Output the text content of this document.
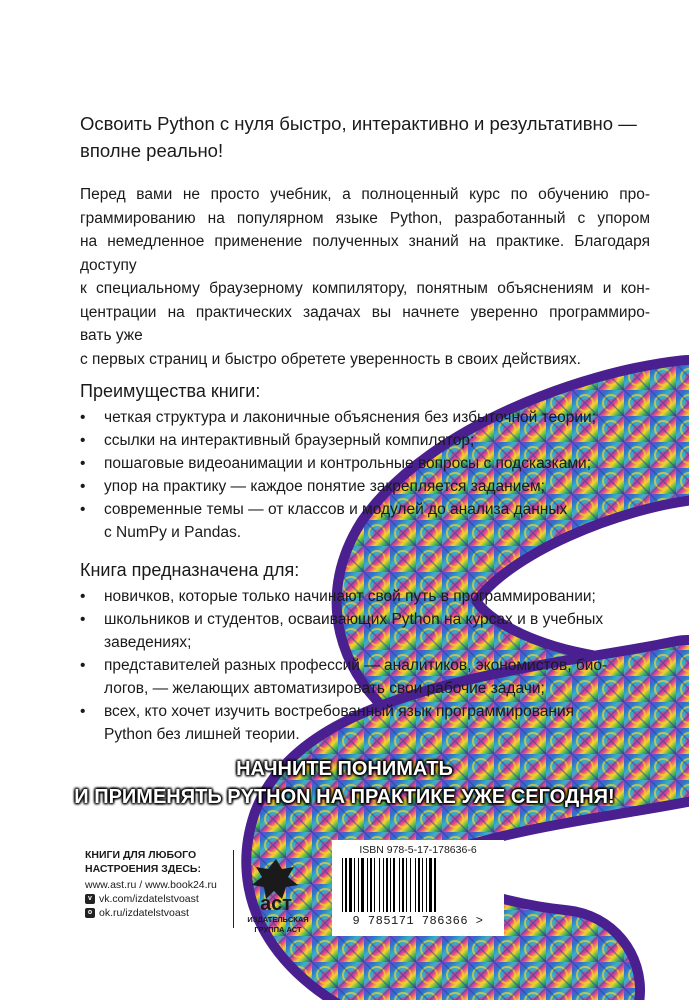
Освоить Python с нуля быстро, интерактивно и результативно —
вполне реально!
Перед вами не просто учебник, а полноценный курс по обучению про-
граммированию на популярном языке Python, разработанный с упором
на немедленное применение полученных знаний на практике. Благодаря
доступу
к специальному браузерному компилятору, понятным объяснениям и кон-
центрации на практических задачах вы начнете уверенно программиро-
вать уже
с первых страниц и быстро обретете уверенность в своих действиях.
Преимущества книги:
• четкая структура и лаконичные объяснения без избыточной теории;
• ссылки на интерактивный браузерный компилятор;
• пошаговые видеоанимации и контрольные вопросы с подсказками;
• упор на практику — каждое понятие закрепляется заданием;
• современные темы — от классов и модулей до анализа данных
с NumPy и Pandas.
Книга предназначена для:
• новичков, которые только начинают свой путь в программировании;
• школьников и студентов, осваивающих Python на курсах и в учебных
заведениях;
• представителей разных профессий — аналитиков, экономистов, био-
логов, — желающих автоматизировать свои рабочие задачи;
• всех, кто хочет изучить востребованный язык программирования
Python без лишней теории.
НАЧНИТЕ ПОНИМАТЬ
И ПРИМЕНЯТЬ PYTHON НА ПРАКТИКЕ УЖЕ СЕГОДНЯ!
КНИГИ ДЛЯ ЛЮБОГО
НАСТРОЕНИЯ ЗДЕСЬ:
www.ast.ru / www.book24.ru
v vk.com/izdatelstvoast
o ok.ru/izdatelstvoast	аст
ИЗДАТЕЛЬСКАЯ
ГРУППА АСТ
ISBN 978-5-17-178636-6
9 785171 786366 >
